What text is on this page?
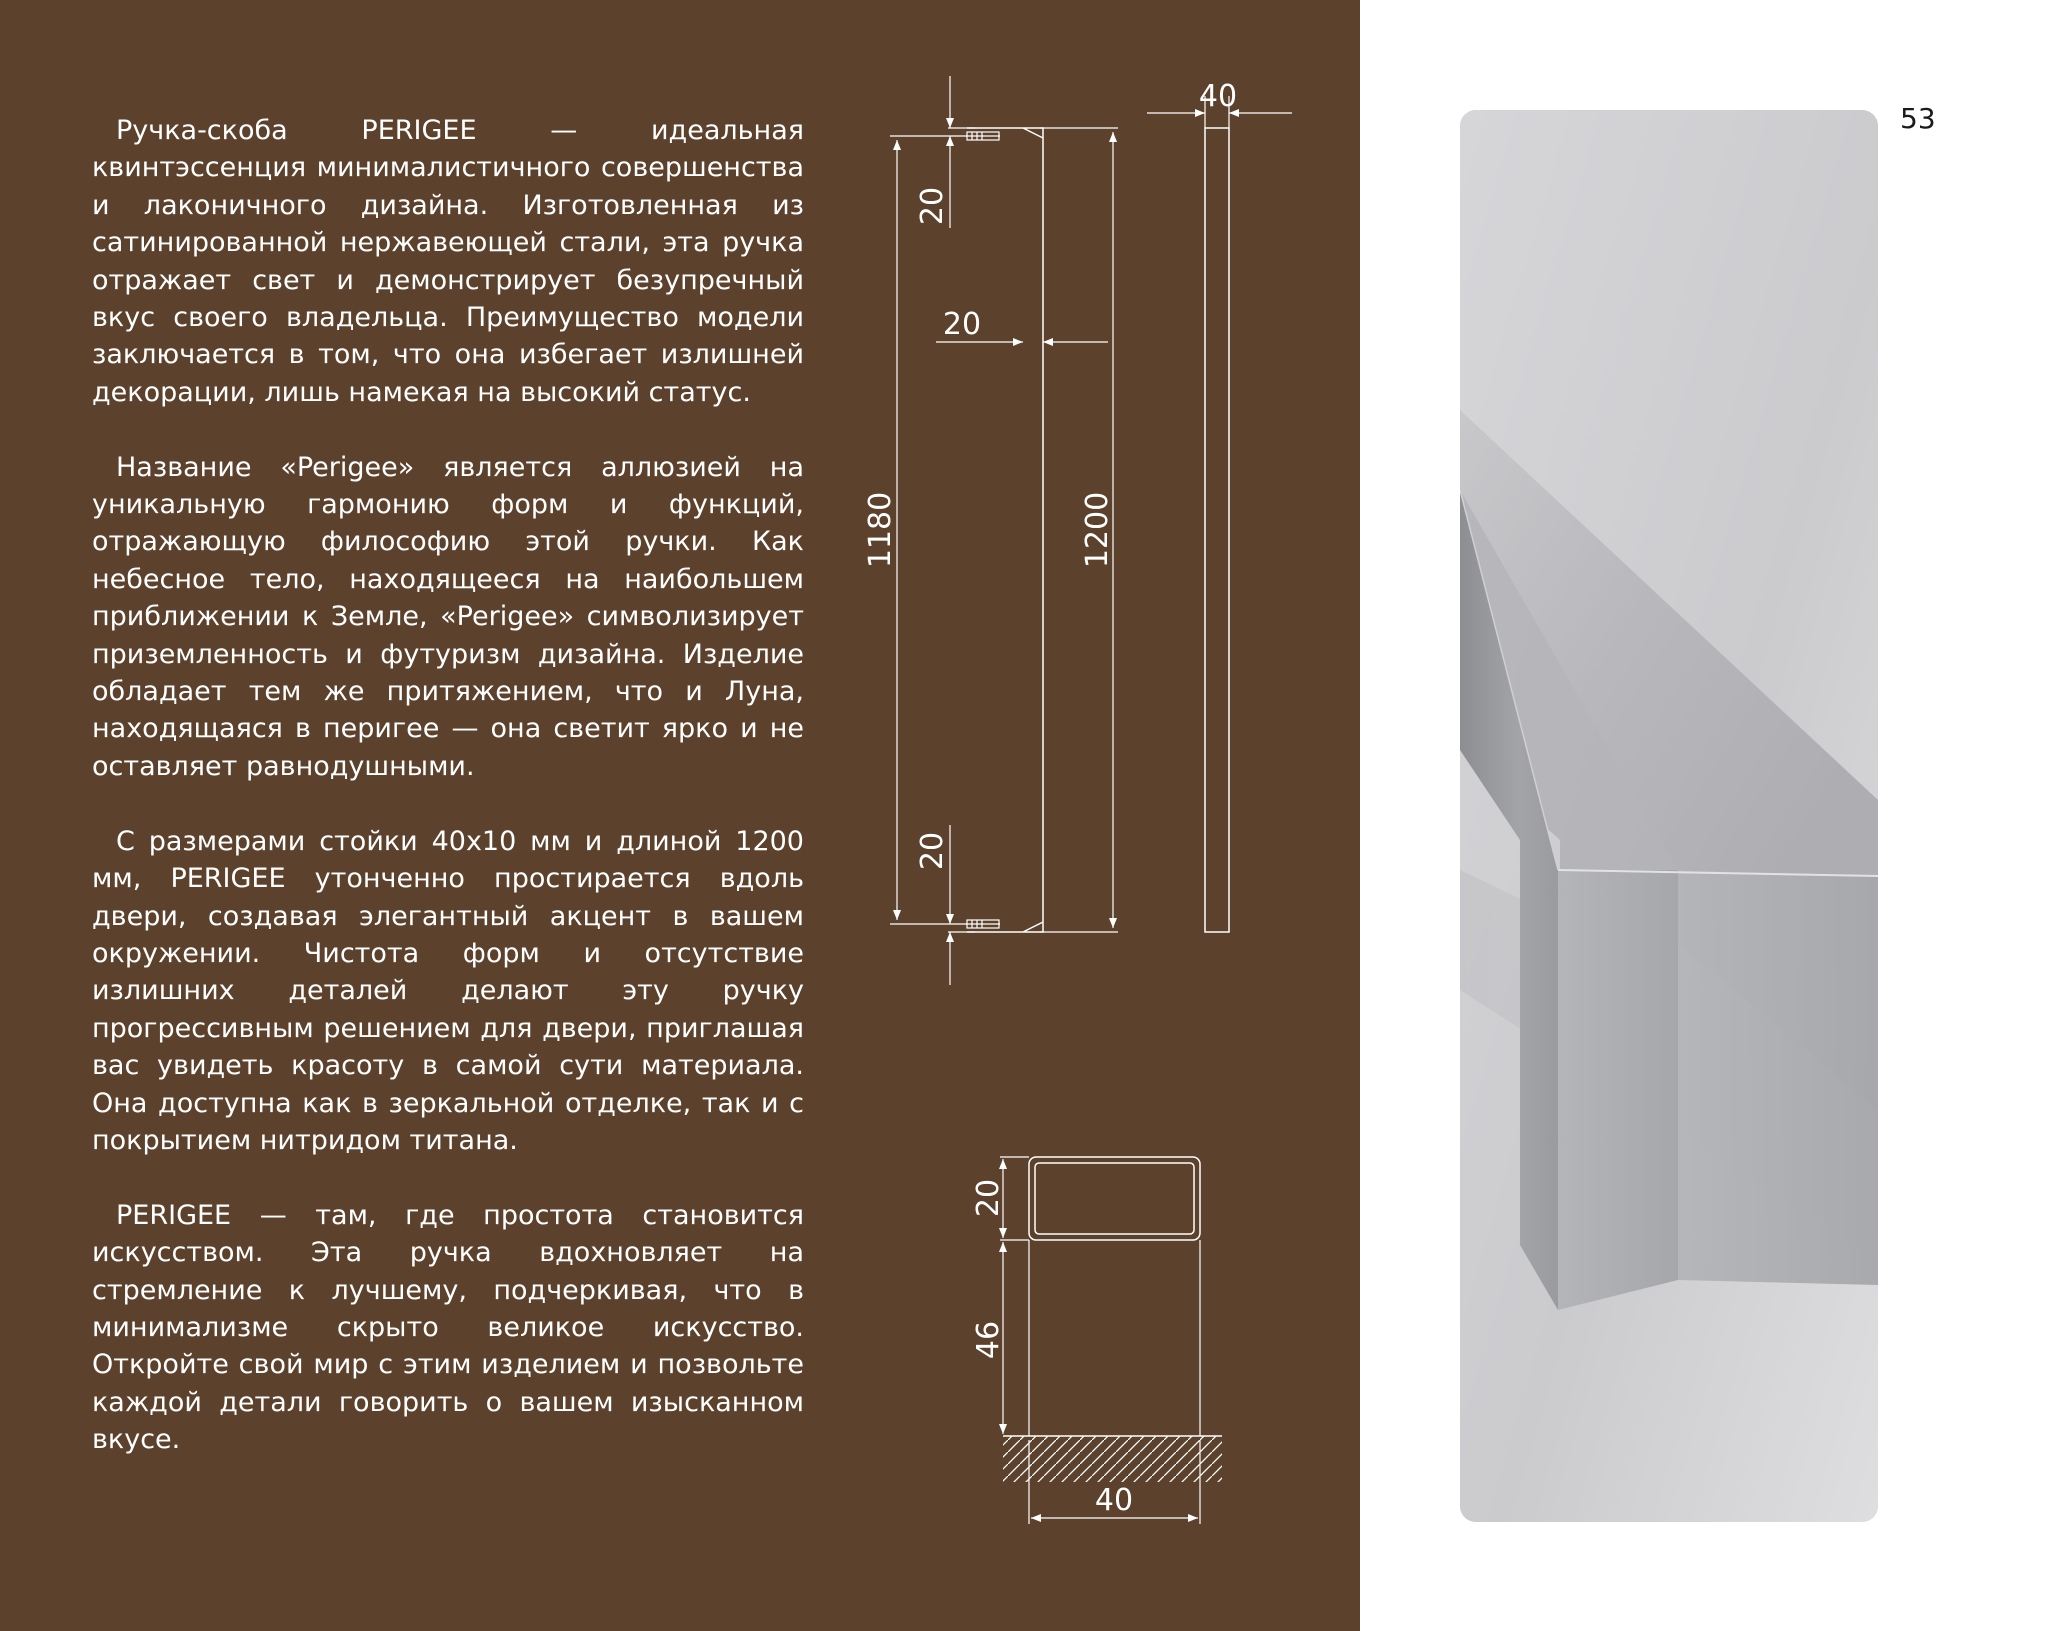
Ручка-скоба PERIGEE — идеальная квинтэссенция минималистичного совершенства и лаконичного дизайна. Изготовленная из сатинированной нержавеющей стали, эта ручка отражает свет и демонстрирует безупречный вкус своего владельца. Преимущество модели заключается в том, что она избегает излишней декорации, лишь намекая на высокий статус.

Название «Perigee» является аллюзией на уникальную гармонию форм и функций, отражающую философию этой ручки. Как небесное тело, находящееся на наибольшем приближении к Земле, «Perigee» символизирует приземленность и футуризм дизайна. Изделие обладает тем же притяжением, что и Луна, находящаяся в перигее — она светит ярко и не оставляет равнодушными.

С размерами стойки 40х10 мм и длиной 1200 мм, PERIGEE утонченно простирается вдоль двери, создавая элегантный акцент в вашем окружении. Чистота форм и отсутствие излишних деталей делают эту ручку прогрессивным решением для двери, приглашая вас увидеть красоту в самой сути материала. Она доступна как в зеркальной отделке, так и с покрытием нитридом титана.

PERIGEE — там, где простота становится искусством. Эта ручка вдохновляет на стремление к лучшему, подчеркивая, что в минимализме скрыто великое искусство. Откройте свой мир с этим изделием и позвольте каждой детали говорить о вашем изысканном вкусе.

20
20
20
1180	1200
40
20
46
40
53
